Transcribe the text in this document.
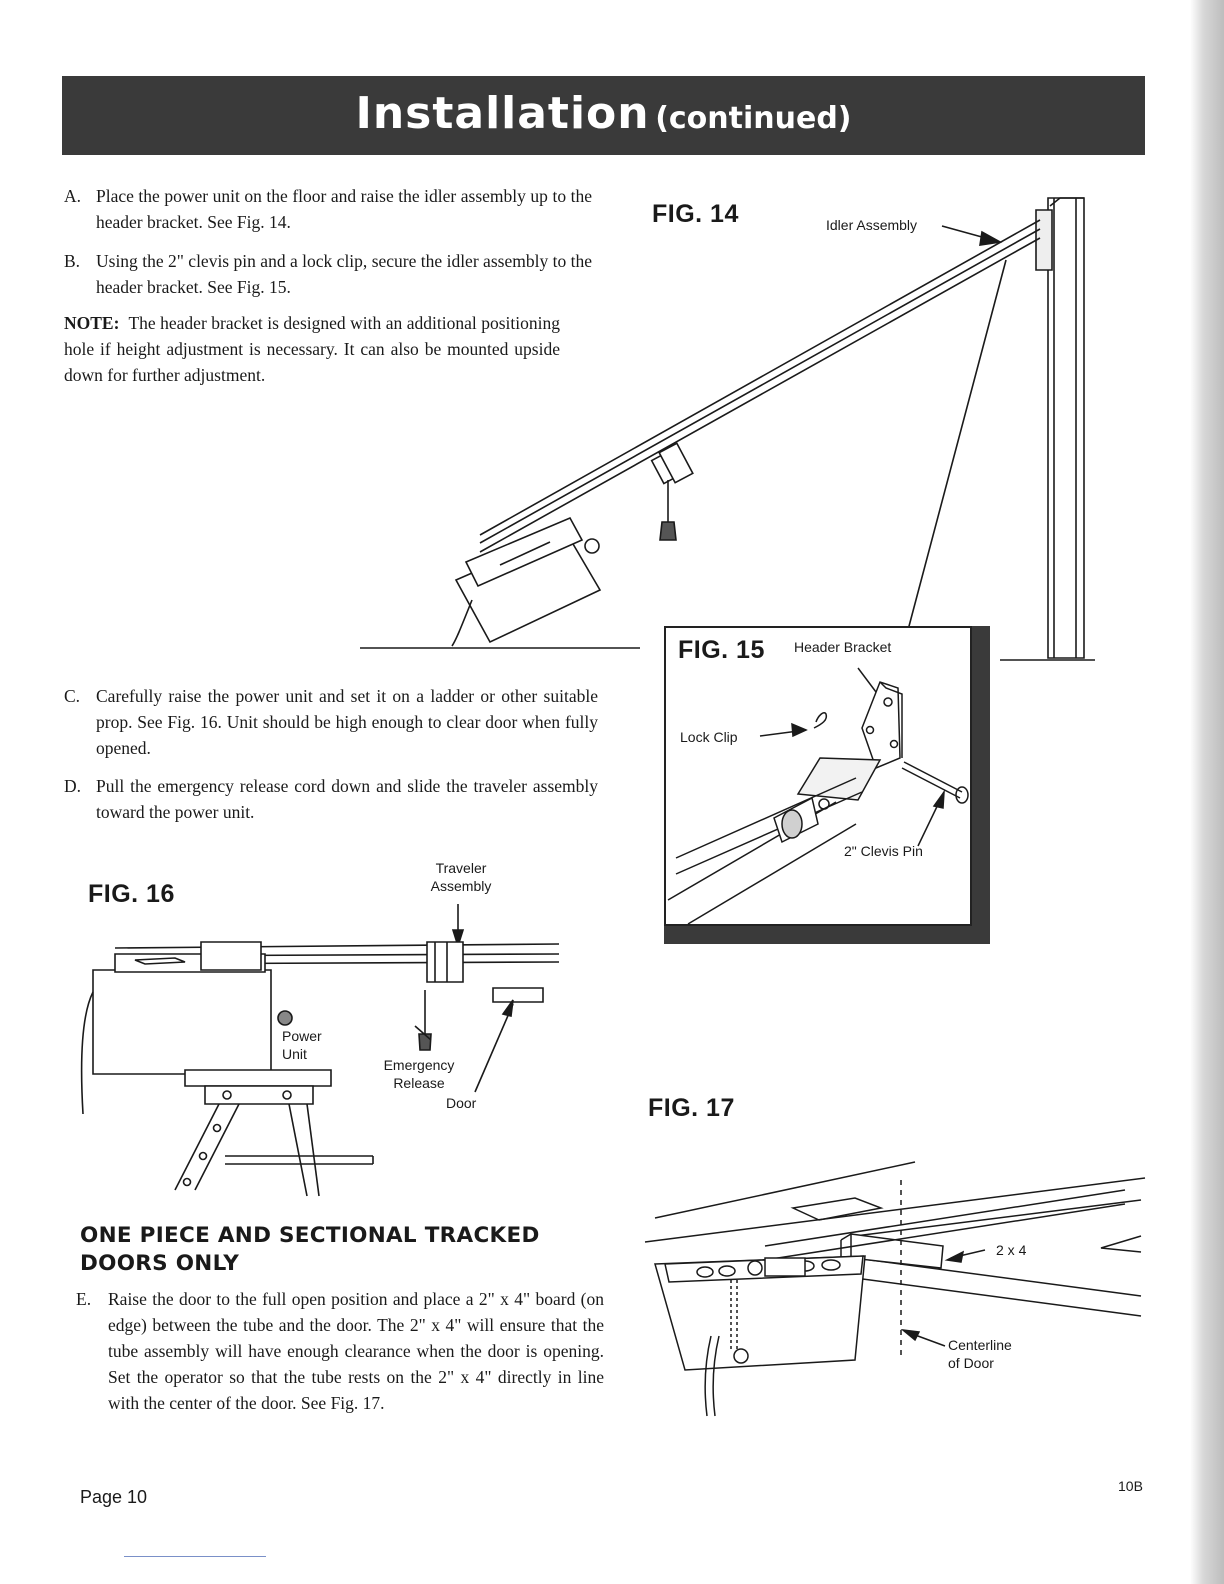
Installation (continued)

A. Place the power unit on the floor and raise the idler assembly up to the header bracket. See Fig. 14.

B. Using the 2" clevis pin and a lock clip, secure the idler assembly to the header bracket. See Fig. 15.

NOTE: The header bracket is designed with an additional positioning hole if height adjustment is necessary. It can also be mounted upside down for further adjustment.

C. Carefully raise the power unit and set it on a ladder or other suitable prop. See Fig. 16. Unit should be high enough to clear door when fully opened.

D. Pull the emergency release cord down and slide the traveler assembly toward the power unit.

FIG. 14	Idler Assembly
FIG. 15 Header Bracket
Lock Clip
2" Clevis Pin
FIG. 16
Traveler
Assembly
Power
Unit
Emergency
Release
Door
ONE PIECE AND SECTIONAL TRACKED
DOORS ONLY

E. Raise the door to the full open position and place a 2" x 4" board (on edge) between the tube and the door. The 2" x 4" will ensure that the tube assembly will have enough clearance when the door is opening. Set the operator so that the tube rests on the 2" x 4" directly in line with the center of the door. See Fig. 17.

FIG. 17
2 x 4
Centerline
of Door
Page 10
10B
